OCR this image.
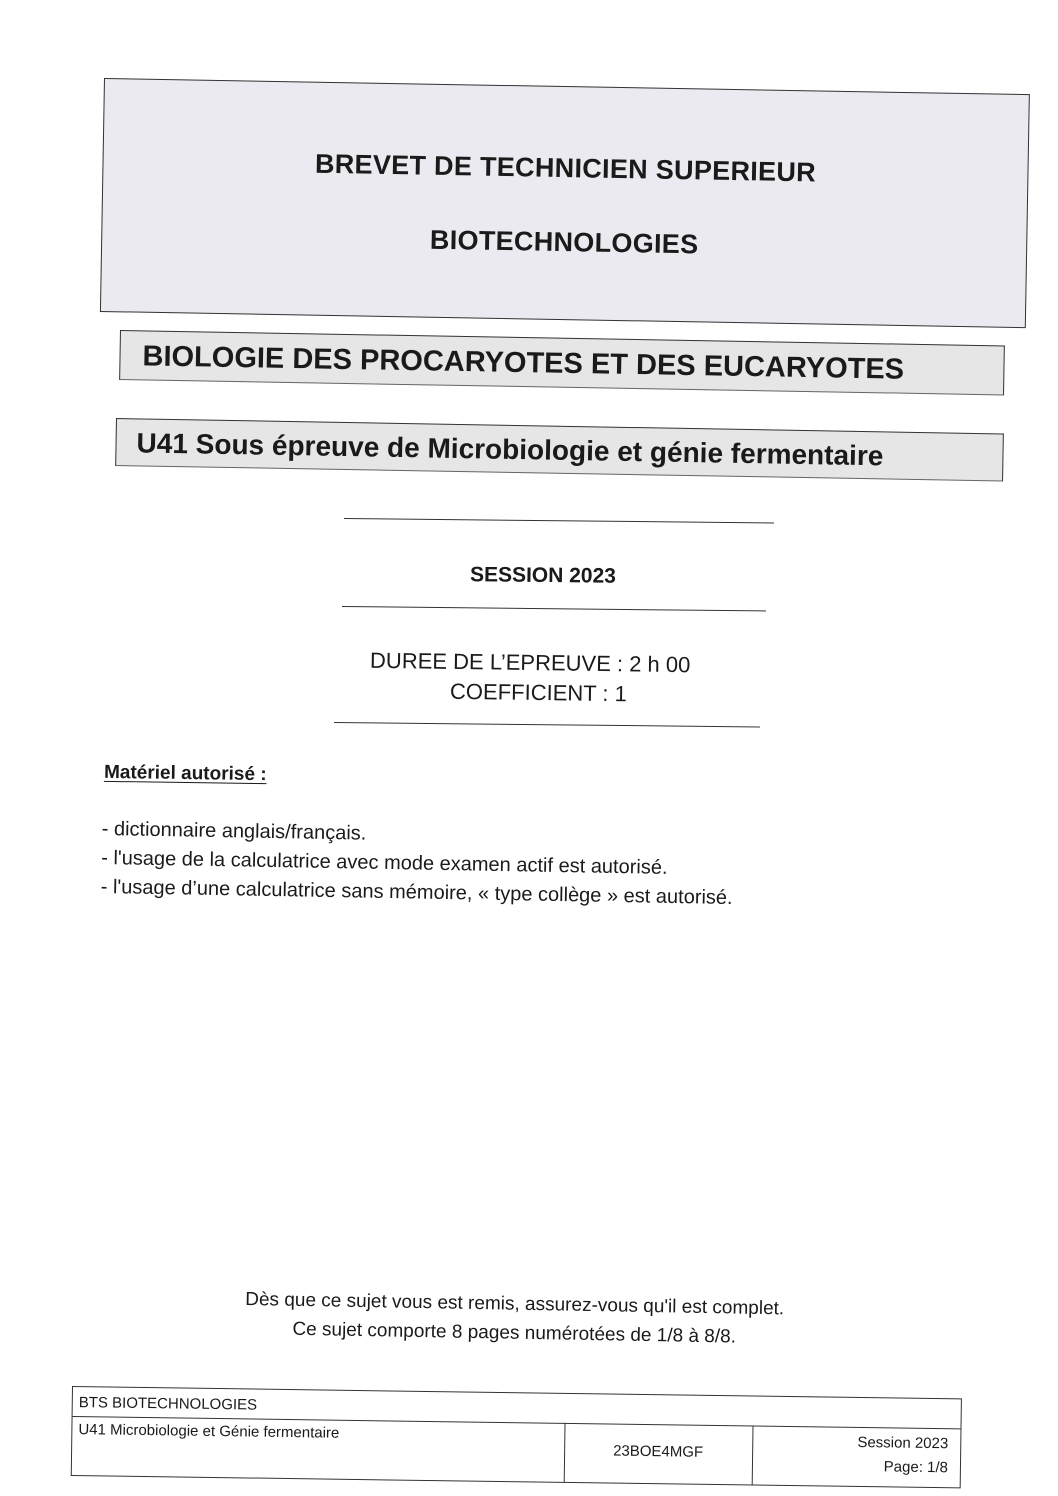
BREVET DE TECHNICIEN SUPERIEUR
BIOTECHNOLOGIES
BIOLOGIE DES PROCARYOTES ET DES EUCARYOTES
U41 Sous épreuve de Microbiologie et génie fermentaire
SESSION 2023
DUREE DE L’EPREUVE : 2 h 00
COEFFICIENT : 1
Matériel autorisé :
- dictionnaire anglais/français.
- l'usage de la calculatrice avec mode examen actif est autorisé.
- l'usage d’une calculatrice sans mémoire, « type collège » est autorisé.
Dès que ce sujet vous est remis, assurez-vous qu'il est complet.
Ce sujet comporte 8 pages numérotées de 1/8 à 8/8.
BTS BIOTECHNOLOGIES
U41 Microbiologie et Génie fermentaire
23BOE4MGF	Session 2023
Page: 1/8
